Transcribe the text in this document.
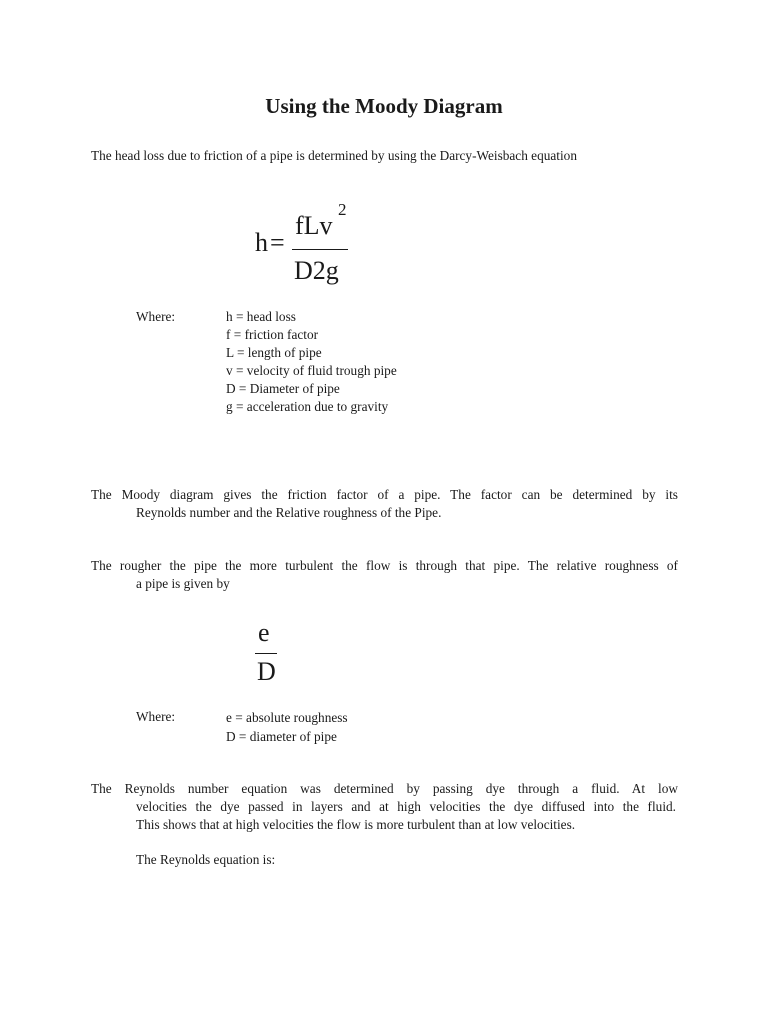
Using the Moody Diagram
The head loss due to friction of a pipe is determined by using the Darcy-Weisbach equation
h =
fLv
2
D2g
Where:	h = head loss
f = friction factor
L = length of pipe
v = velocity of fluid trough pipe
D = Diameter of pipe
g = acceleration due to gravity
The Moody diagram gives the friction factor of a pipe. The factor can be determined by its
Reynolds number and the Relative roughness of the Pipe.
The rougher the pipe the more turbulent the flow is through that pipe. The relative roughness of
a pipe is given by
e
D
Where:	e = absolute roughness
D = diameter of pipe
The Reynolds number equation was determined by passing dye through a fluid. At low
velocities the dye passed in layers and at high velocities the dye diffused into the fluid.
This shows that at high velocities the flow is more turbulent than at low velocities.
The Reynolds equation is:
